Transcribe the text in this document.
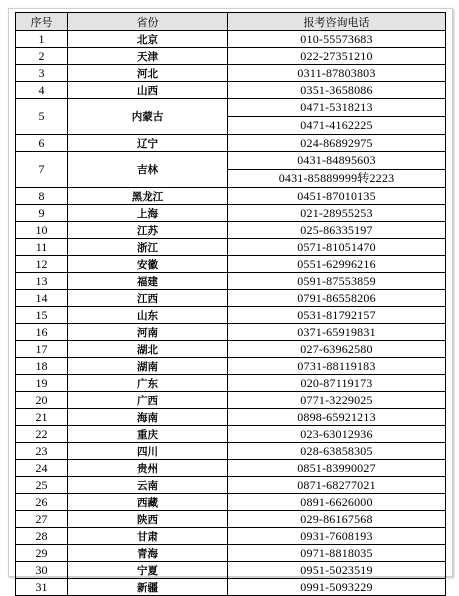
序号	省份	报考咨询电话
1	北京	010-55573683

2	天津	022-27351210

3	河北	0311-87803803

4	山西	0351-3658086

5	内蒙古	0471-5318213
0471-4162225

6	辽宁	024-86892975

7	吉林	0431-84895603
0431-85889999转2223

8	黑龙江	0451-87010135

9	上海	021-28955253

10	江苏	025-86335197

11	浙江	0571-81051470

12	安徽	0551-62996216

13	福建	0591-87553859

14	江西	0791-86558206

15	山东	0531-81792157

16	河南	0371-65919831

17	湖北	027-63962580

18	湖南	0731-88119183

19	广东	020-87119173

20	广西	0771-3229025

21	海南	0898-65921213

22	重庆	023-63012936

23	四川	028-63858305

24	贵州	0851-83990027

25	云南	0871-68277021

26	西藏	0891-6626000

27	陕西	029-86167568

28	甘肃	0931-7608193

29	青海	0971-8818035

30	宁夏	0951-5023519

31	新疆	0991-5093229
